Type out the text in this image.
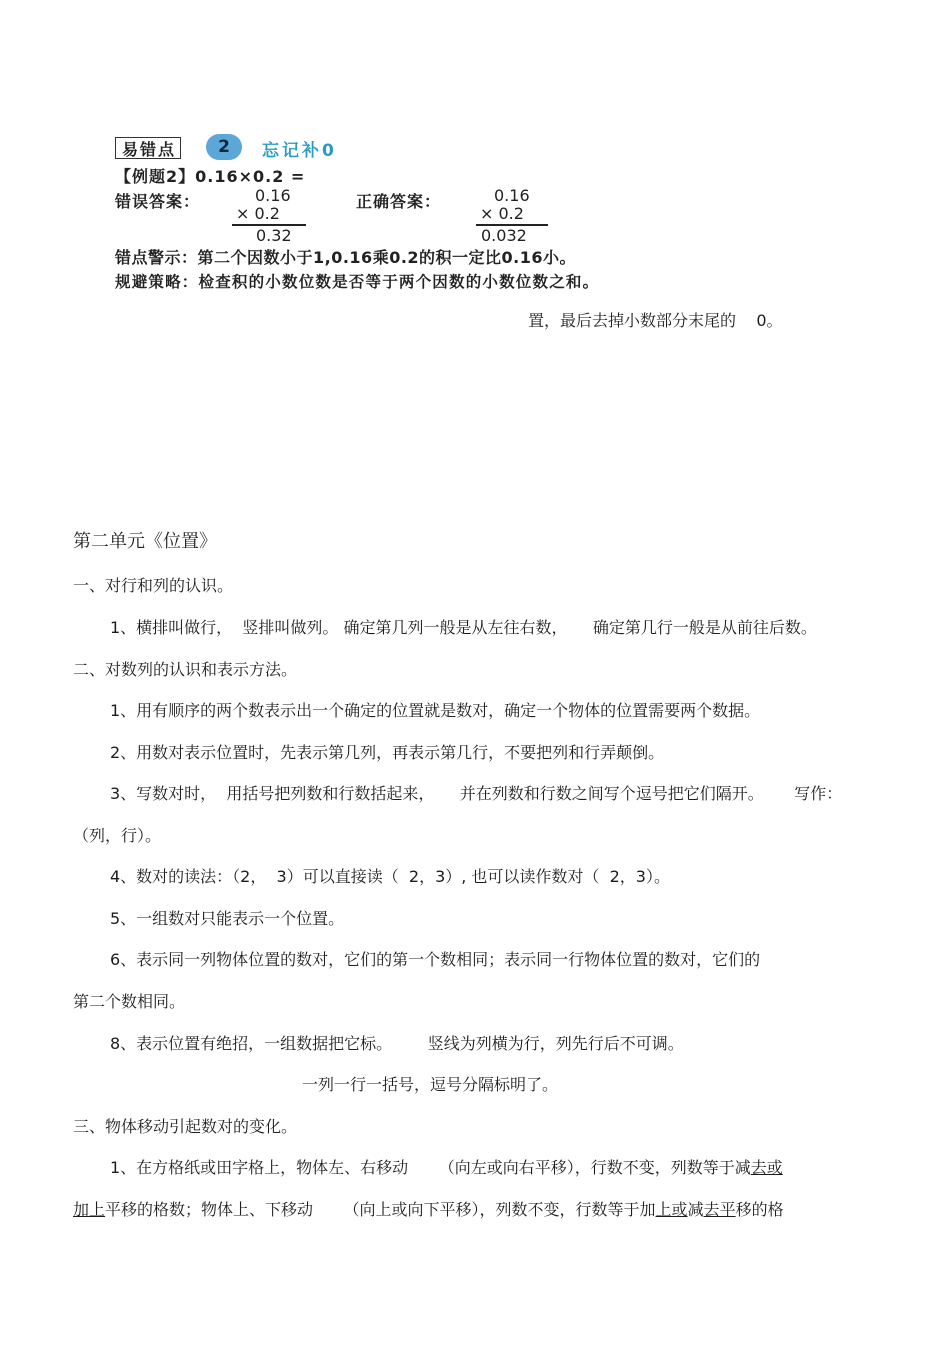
易错点	2	忘记补0
【例题2】0.16×0.2 =
错误答案：	0.16
× 0.2
0.32
正确答案：	0.16
× 0.2
0.032
错点警示：第二个因数小于1,0.16乘0.2的积一定比0.16小。
规避策略：检查积的小数位数是否等于两个因数的小数位数之和。
置，最后去掉小数部分末尾的    0。
第二单元《位置》
一、对行和列的认识。
1、横排叫做行，  竖排叫做列。 确定第几列一般是从左往右数，     确定第几行一般是从前往后数。
二、对数列的认识和表示方法。
1、用有顺序的两个数表示出一个确定的位置就是数对，确定一个物体的位置需要两个数据。
2、用数对表示位置时，先表示第几列，再表示第几行，不要把列和行弄颠倒。
3、写数对时，  用括号把列数和行数括起来，     并在列数和行数之间写个逗号把它们隔开。      写作：
（列，行）。
4、数对的读法：（2，  3）可以直接读（  2，3）, 也可以读作数对（  2，3）。
5、一组数对只能表示一个位置。
6、表示同一列物体位置的数对，它们的第一个数相同；表示同一行物体位置的数对，它们的
第二个数相同。
8、表示位置有绝招，一组数据把它标。       竖线为列横为行，列先行后不可调。
一列一行一括号，逗号分隔标明了。
三、物体移动引起数对的变化。
1、在方格纸或田字格上，物体左、右移动      （向左或向右平移），行数不变，列数等于减去或
加上平移的格数；物体上、下移动      （向上或向下平移），列数不变，行数等于加上或减去平移的格
